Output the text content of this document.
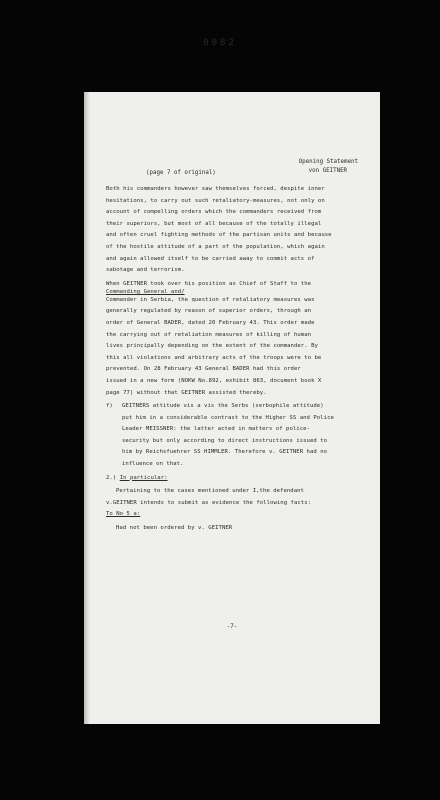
0082
Opening Statement
von GEITNER
(page 7 of original)
Both his commanders however saw themselves forced, despite inner
hesitations, to carry out such retaliatory-measures, not only on
account of compelling orders which the commanders received from
their superiors, but most of all because of the totally illegal
and often cruel fighting methods of the partisan units and because
of the hostile attitude of a part of the population, which again
and again allowed itself to be carried away to commit acts of
sabotage and terrorism.
When GEITNER took over his position as Chief of Staff to the
Commanding General and/
Commander in Serbia, the question of retaliatory measures was
generally regulated by reason of superior orders, through an
order of General BADER, dated 20 February 43. This order made
the carrying out of retaliation measures of killing of human
lives principally depending on the extent of the commander. By
this all violations and arbitrary acts of the troops were to be
prevented. On 28 February 43 General BADER had this order
issued in a new form (NOKW No.892, exhibit 863, document book X
page 77) without that GEITNER assisted thereby.
f)	GEITNERS attitude vis a vis the Serbs (serbophile attitude)
put him in a considerable contrast to the Higher SS and Police
Leader MEISSNER: the latter acted in matters of police-
security but only according to direct instructions issued to
him by Reichsfuehrer SS HIMMLER. Therefore v. GEITNER had no
influence on that.
2.) In particular:
Pertaining to the cases mentioned under I,the defendant
v.GEITNER intends to submit as evidence the following facts:
To No 5 a:
Had not been ordered by v. GEITNER
-7-
